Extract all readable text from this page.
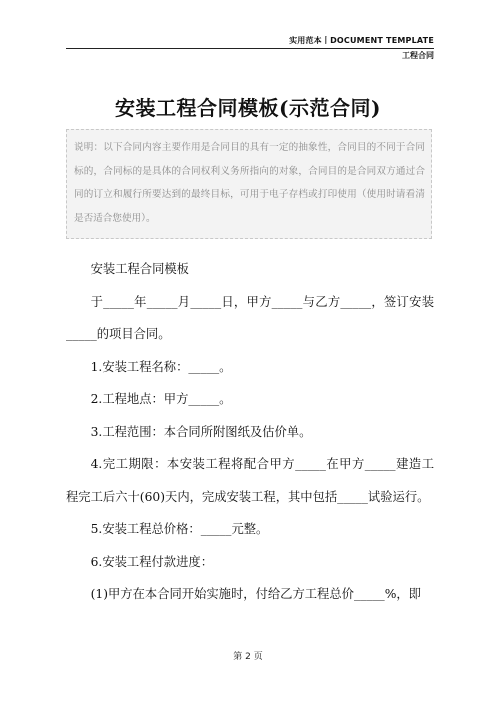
实用范本丨DOCUMENT TEMPLATE
工程合同
安装工程合同模板(示范合同)
说明：以下合同内容主要作用是合同目的具有一定的抽象性，合同目的不同于合同标的，合同标的是具体的合同权利义务所指向的对象，合同目的是合同双方通过合同的订立和履行所要达到的最终目标，可用于电子存档或打印使用（使用时请看清是否适合您使用）。

安装工程合同模板

于_____年_____月_____日，甲方_____与乙方_____，签订安装_____的项目合同。

1.安装工程名称：_____。

2.工程地点：甲方_____。

3.工程范围：本合同所附图纸及估价单。

4.完工期限：本安装工程将配合甲方_____在甲方_____建造工程完工后六十(60)天内，完成安装工程，其中包括_____试验运行。

5.安装工程总价格：_____元整。

6.安装工程付款进度：

(1)甲方在本合同开始实施时，付给乙方工程总价_____%，即

第 2 页
